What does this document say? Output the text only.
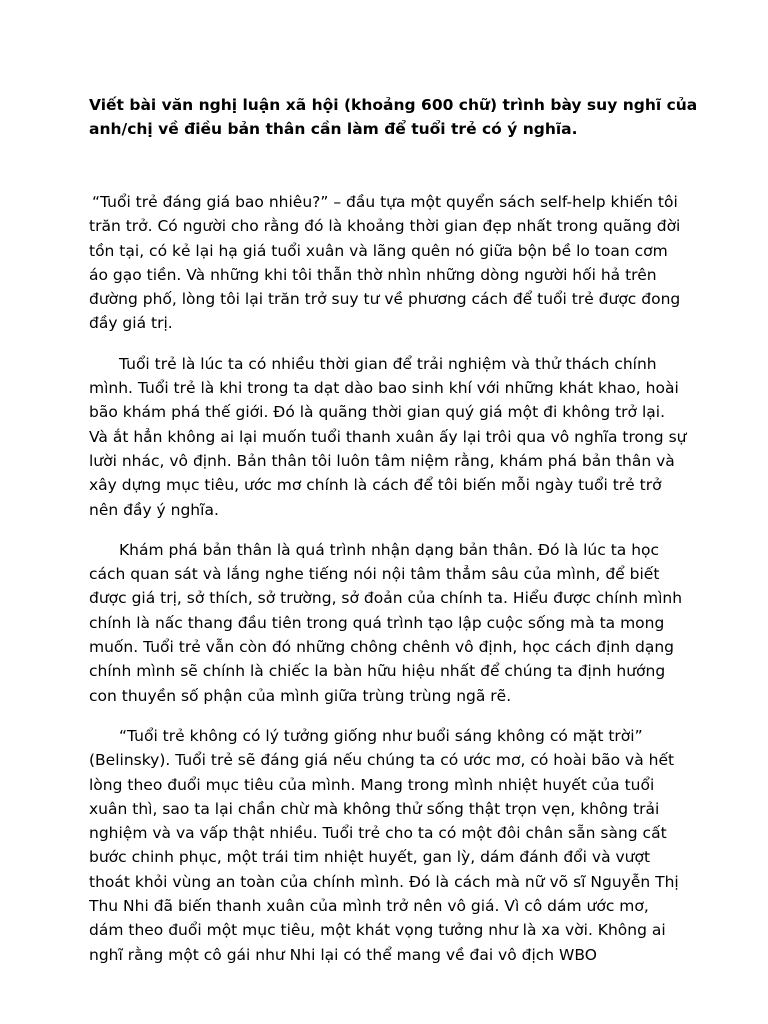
Viết bài văn nghị luận xã hội (khoảng 600 chữ) trình bày suy nghĩ của anh/chị về điều bản thân cần làm để tuổi trẻ có ý nghĩa.

“Tuổi trẻ đáng giá bao nhiêu?” – đầu tựa một quyển sách self-help khiến tôi trăn trở. Có người cho rằng đó là khoảng thời gian đẹp nhất trong quãng đời tồn tại, có kẻ lại hạ giá tuổi xuân và lãng quên nó giữa bộn bề lo toan cơm áo gạo tiền. Và những khi tôi thẫn thờ nhìn những dòng người hối hả trên đường phố, lòng tôi lại trăn trở suy tư về phương cách để tuổi trẻ được đong đầy giá trị.

Tuổi trẻ là lúc ta có nhiều thời gian để trải nghiệm và thử thách chính mình. Tuổi trẻ là khi trong ta dạt dào bao sinh khí với những khát khao, hoài bão khám phá thế giới. Đó là quãng thời gian quý giá một đi không trở lại. Và ắt hẳn không ai lại muốn tuổi thanh xuân ấy lại trôi qua vô nghĩa trong sự lười nhác, vô định. Bản thân tôi luôn tâm niệm rằng, khám phá bản thân và xây dựng mục tiêu, ước mơ chính là cách để tôi biến mỗi ngày tuổi trẻ trở nên đầy ý nghĩa.

Khám phá bản thân là quá trình nhận dạng bản thân. Đó là lúc ta học cách quan sát và lắng nghe tiếng nói nội tâm thẳm sâu của mình, để biết được giá trị, sở thích, sở trường, sở đoản của chính ta. Hiểu được chính mình chính là nấc thang đầu tiên trong quá trình tạo lập cuộc sống mà ta mong muốn. Tuổi trẻ vẫn còn đó những chông chênh vô định, học cách định dạng chính mình sẽ chính là chiếc la bàn hữu hiệu nhất để chúng ta định hướng con thuyền số phận của mình giữa trùng trùng ngã rẽ.

“Tuổi trẻ không có lý tưởng giống như buổi sáng không có mặt trời” (Belinsky). Tuổi trẻ sẽ đáng giá nếu chúng ta có ước mơ, có hoài bão và hết lòng theo đuổi mục tiêu của mình. Mang trong mình nhiệt huyết của tuổi xuân thì, sao ta lại chần chừ mà không thử sống thật trọn vẹn, không trải nghiệm và va vấp thật nhiều. Tuổi trẻ cho ta có một đôi chân sẵn sàng cất bước chinh phục, một trái tim nhiệt huyết, gan lỳ, dám đánh đổi và vượt thoát khỏi vùng an toàn của chính mình. Đó là cách mà nữ võ sĩ Nguyễn Thị Thu Nhi đã biến thanh xuân của mình trở nên vô giá. Vì cô dám ước mơ, dám theo đuổi một mục tiêu, một khát vọng tưởng như là xa vời. Không ai nghĩ rằng một cô gái như Nhi lại có thể mang về đai vô địch WBO
